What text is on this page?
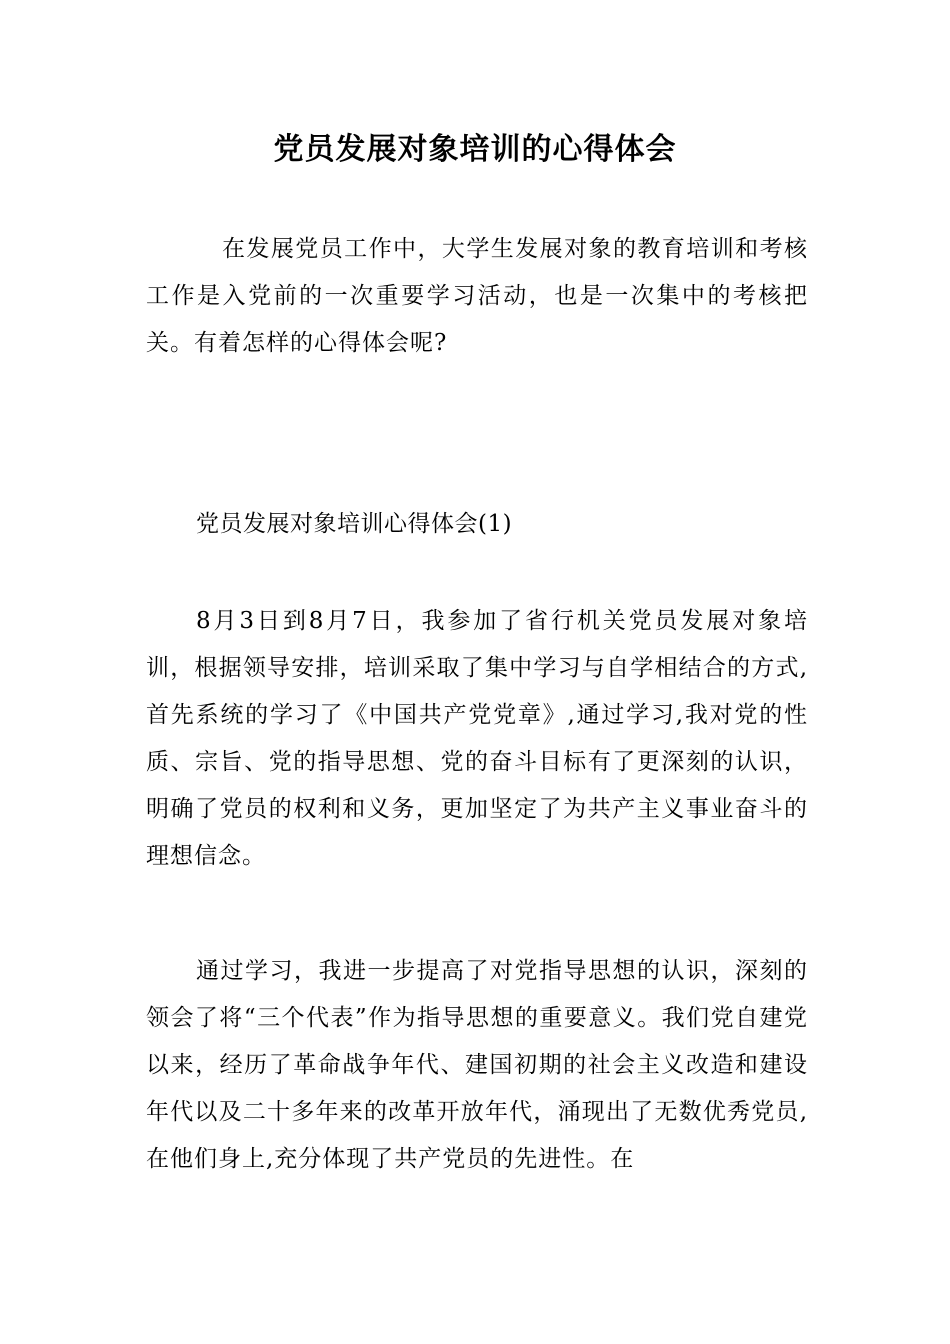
党员发展对象培训的心得体会

在发展党员工作中，大学生发展对象的教育培训和考核工作是入党前的一次重要学习活动，也是一次集中的考核把关。有着怎样的心得体会呢?

党员发展对象培训心得体会(1)

8月3日到8月7日，我参加了省行机关党员发展对象培训，根据领导安排，培训采取了集中学习与自学相结合的方式,首先系统的学习了《中国共产党党章》,通过学习,我对党的性质、宗旨、党的指导思想、党的奋斗目标有了更深刻的认识，明确了党员的权利和义务，更加坚定了为共产主义事业奋斗的理想信念。

通过学习，我进一步提高了对党指导思想的认识，深刻的领会了将“三个代表”作为指导思想的重要意义。我们党自建党以来，经历了革命战争年代、建国初期的社会主义改造和建设年代以及二十多年来的改革开放年代，涌现出了无数优秀党员,在他们身上,充分体现了共产党员的先进性。在
